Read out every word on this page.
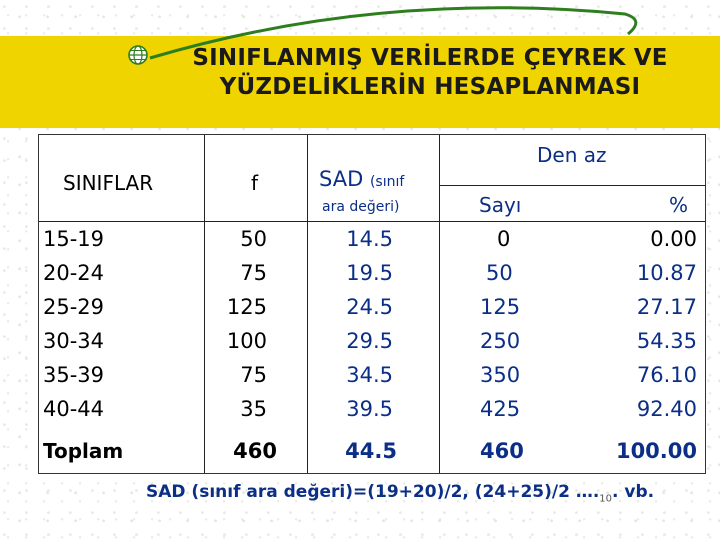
SINIFLANMIŞ VERİLERDE ÇEYREK VE
YÜZDELİKLERİN HESAPLANMASI
SINIFLAR	f	SAD (sınıf
ara değeri)
Den az
Sayı	%
15-19	50	14.5	0	0.00
20-24	75	19.5	50	10.87
25-29	125	24.5	125	27.17
30-34	100	29.5	250	54.35
35-39	75	34.5	350	76.10
40-44	35	39.5	425	92.40
Toplam	460	44.5	460	100.00
SAD (sınıf ara değeri)=(19+20)/2, (24+25)/2 $\dots._{10}$. vb.
